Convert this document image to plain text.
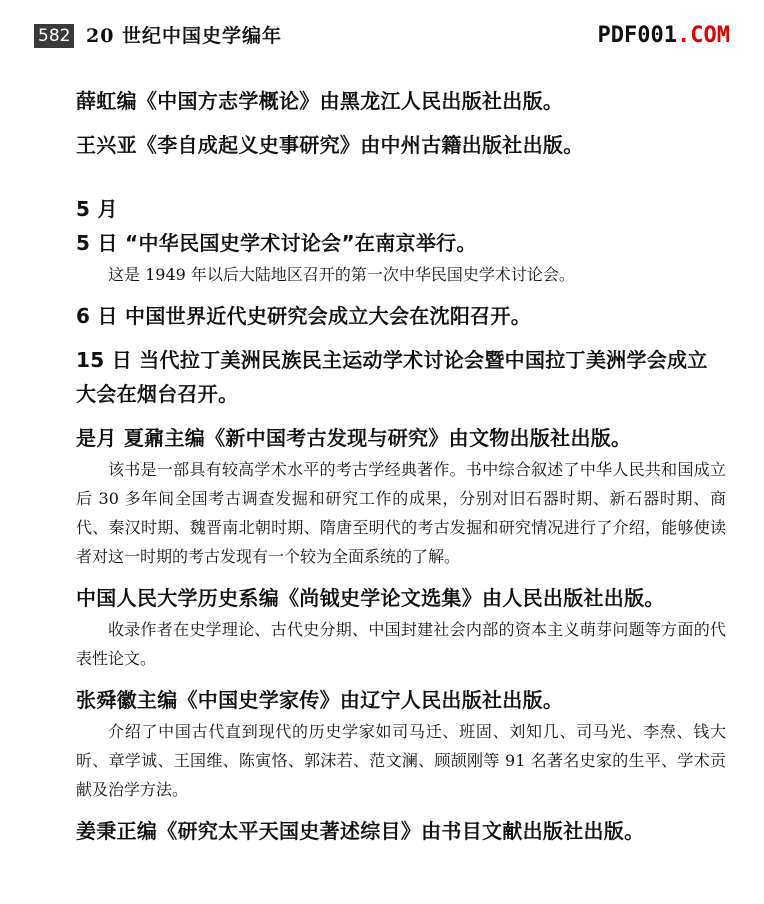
582 20 世纪中国史学编年	PDF001.COM

薛虹编《中国方志学概论》由黑龙江人民出版社出版。

王兴亚《李自成起义史事研究》由中州古籍出版社出版。

5 月

5 日 “中华民国史学术讨论会”在南京举行。

这是 1949 年以后大陆地区召开的第一次中华民国史学术讨论会。

6 日 中国世界近代史研究会成立大会在沈阳召开。

15 日 当代拉丁美洲民族民主运动学术讨论会暨中国拉丁美洲学会成立大会在烟台召开。

是月 夏鼐主编《新中国考古发现与研究》由文物出版社出版。

该书是一部具有较高学术水平的考古学经典著作。书中综合叙述了中华人民共和国成立后 30 多年间全国考古调查发掘和研究工作的成果，分别对旧石器时期、新石器时期、商代、秦汉时期、魏晋南北朝时期、隋唐至明代的考古发掘和研究情况进行了介绍，能够使读者对这一时期的考古发现有一个较为全面系统的了解。

中国人民大学历史系编《尚钺史学论文选集》由人民出版社出版。

收录作者在史学理论、古代史分期、中国封建社会内部的资本主义萌芽问题等方面的代表性论文。

张舜徽主编《中国史学家传》由辽宁人民出版社出版。

介绍了中国古代直到现代的历史学家如司马迁、班固、刘知几、司马光、李焘、钱大昕、章学诚、王国维、陈寅恪、郭沫若、范文澜、顾颉刚等 91 名著名史家的生平、学术贡献及治学方法。

姜秉正编《研究太平天国史著述综目》由书目文献出版社出版。
